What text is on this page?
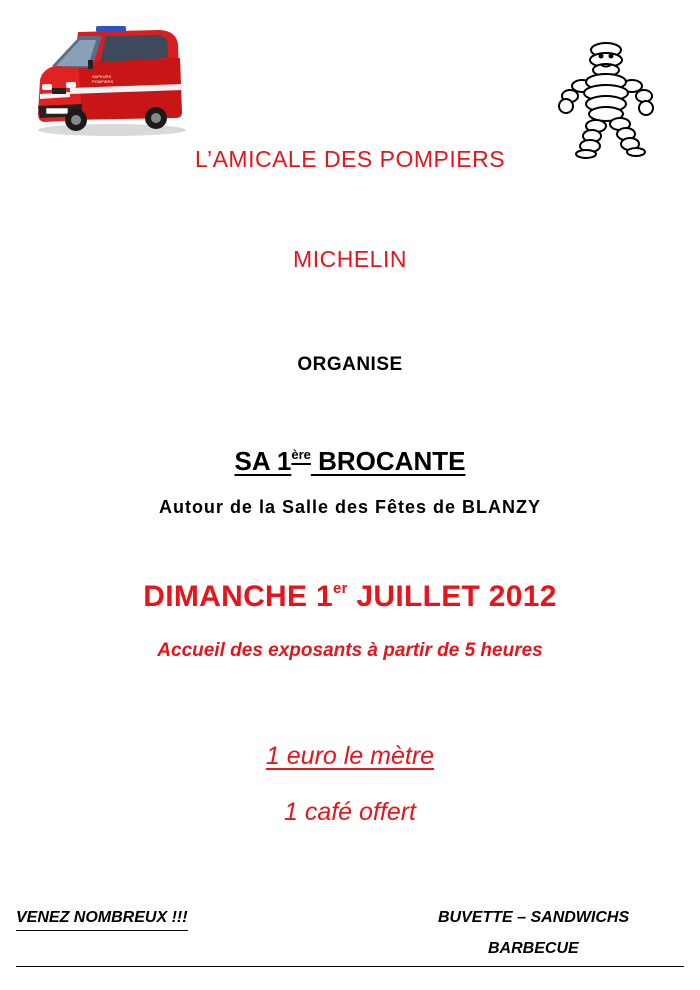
SAPEURS
POMPIERS
L’AMICALE DES POMPIERS
MICHELIN
ORGANISE
SA 1ère BROCANTE
Autour de la Salle des Fêtes de BLANZY
DIMANCHE 1er JUILLET 2012
Accueil des exposants à partir de 5 heures
1 euro le mètre
1 café offert
VENEZ NOMBREUX !!!	BUVETTE – SANDWICHS
BARBECUE
